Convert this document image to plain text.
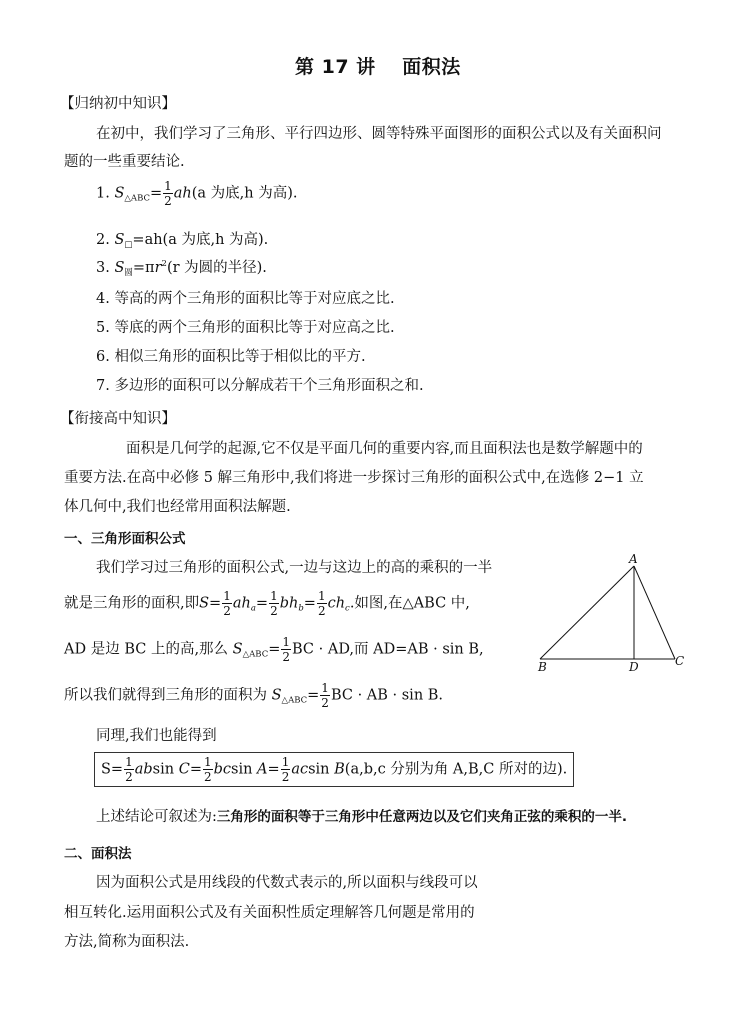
第 17 讲　 面积法
【归纳初中知识】
在初中，我们学习了三角形、平行四边形、圆等特殊平面图形的面积公式以及有关面积问
题的一些重要结论.
1. $S_{\triangle ABC}= \frac{1}{2} ah(a$ 为底,h 为高).
2. $S_□=ah(a$ 为底,h 为高).
3. $S_圆=\pi r^2(r$ 为圆的半径).
4. 等高的两个三角形的面积比等于对应底之比.
5. 等底的两个三角形的面积比等于对应高之比.
6. 相似三角形的面积比等于相似比的平方.
7. 多边形的面积可以分解成若干个三角形面积之和.
【衔接高中知识】
面积是几何学的起源,它不仅是平面几何的重要内容,而且面积法也是数学解题中的
重要方法.在高中必修 5 解三角形中,我们将进一步探讨三角形的面积公式中,在选修 2−1 立
体几何中,我们也经常用面积法解题.
一、三角形面积公式
我们学习过三角形的面积公式,一边与这边上的高的乘积的一半
就是三角形的面积,即$S= \frac{1}{2} ah_a= \frac{1}{2} bh_b= \frac{1}{2} ch_c$.如图,在△ABC 中,
AD 是边 BC 上的高,那么 $S_{\triangle ABC}= \frac{1}{2}$ BC · AD,而 AD=AB · sin B,
所以我们就得到三角形的面积为 $S_{\triangle ABC}= \frac{1}{2}$ BC · AB · sin B.
同理,我们也能得到
$S= \frac{1}{2}$ absin $C= \frac{1}{2}$ bcsin $A= \frac{1}{2}$ acsin B(a,b,c 分别为角 A,B,C 所对的边).
上述结论可叙述为:三角形的面积等于三角形中任意两边以及它们夹角正弦的乘积的一半.
A
B	D	C
二、面积法
因为面积公式是用线段的代数式表示的,所以面积与线段可以
相互转化.运用面积公式及有关面积性质定理解答几何题是常用的
方法,简称为面积法.
